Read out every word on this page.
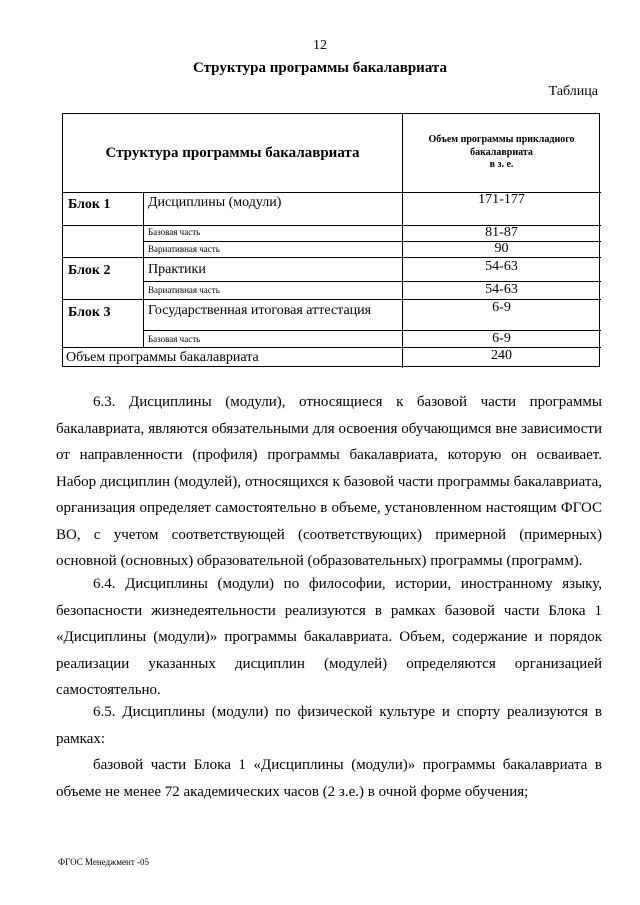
12
Структура программы бакалавриата
Таблица
Структура программы бакалавриата
Объем программы прикладного
бакалавриата
в з. е.
Блок 1	Дисциплины (модули)	171-177
Базовая часть	81-87
Вариативная часть	90
Блок 2	Практики	54-63
Вариативная часть	54-63
Блок 3	Государственная итоговая аттестация	6-9
Базовая часть	6-9
Объем программы бакалавриата	240

6.3. Дисциплины (модули), относящиеся к базовой части программы бакалавриата, являются обязательными для освоения обучающимся вне зависимости от направленности (профиля) программы бакалавриата, которую он осваивает. Набор дисциплин (модулей), относящихся к базовой части программы бакалавриата, организация определяет самостоятельно в объеме, установленном настоящим ФГОС ВО, с учетом соответствующей (соответствующих) примерной (примерных) основной (основных) образовательной (образовательных) программы (программ).

6.4. Дисциплины (модули) по философии, истории, иностранному языку, безопасности жизнедеятельности реализуются в рамках базовой части Блока 1 «Дисциплины (модули)» программы бакалавриата. Объем, содержание и порядок реализации указанных дисциплин (модулей) определяются организацией самостоятельно.

6.5. Дисциплины (модули) по физической культуре и спорту реализуются в рамках:

базовой части Блока 1 «Дисциплины (модули)» программы бакалавриата в объеме не менее 72 академических часов (2 з.е.) в очной форме обучения;

ФГОС Менеджмент -05
